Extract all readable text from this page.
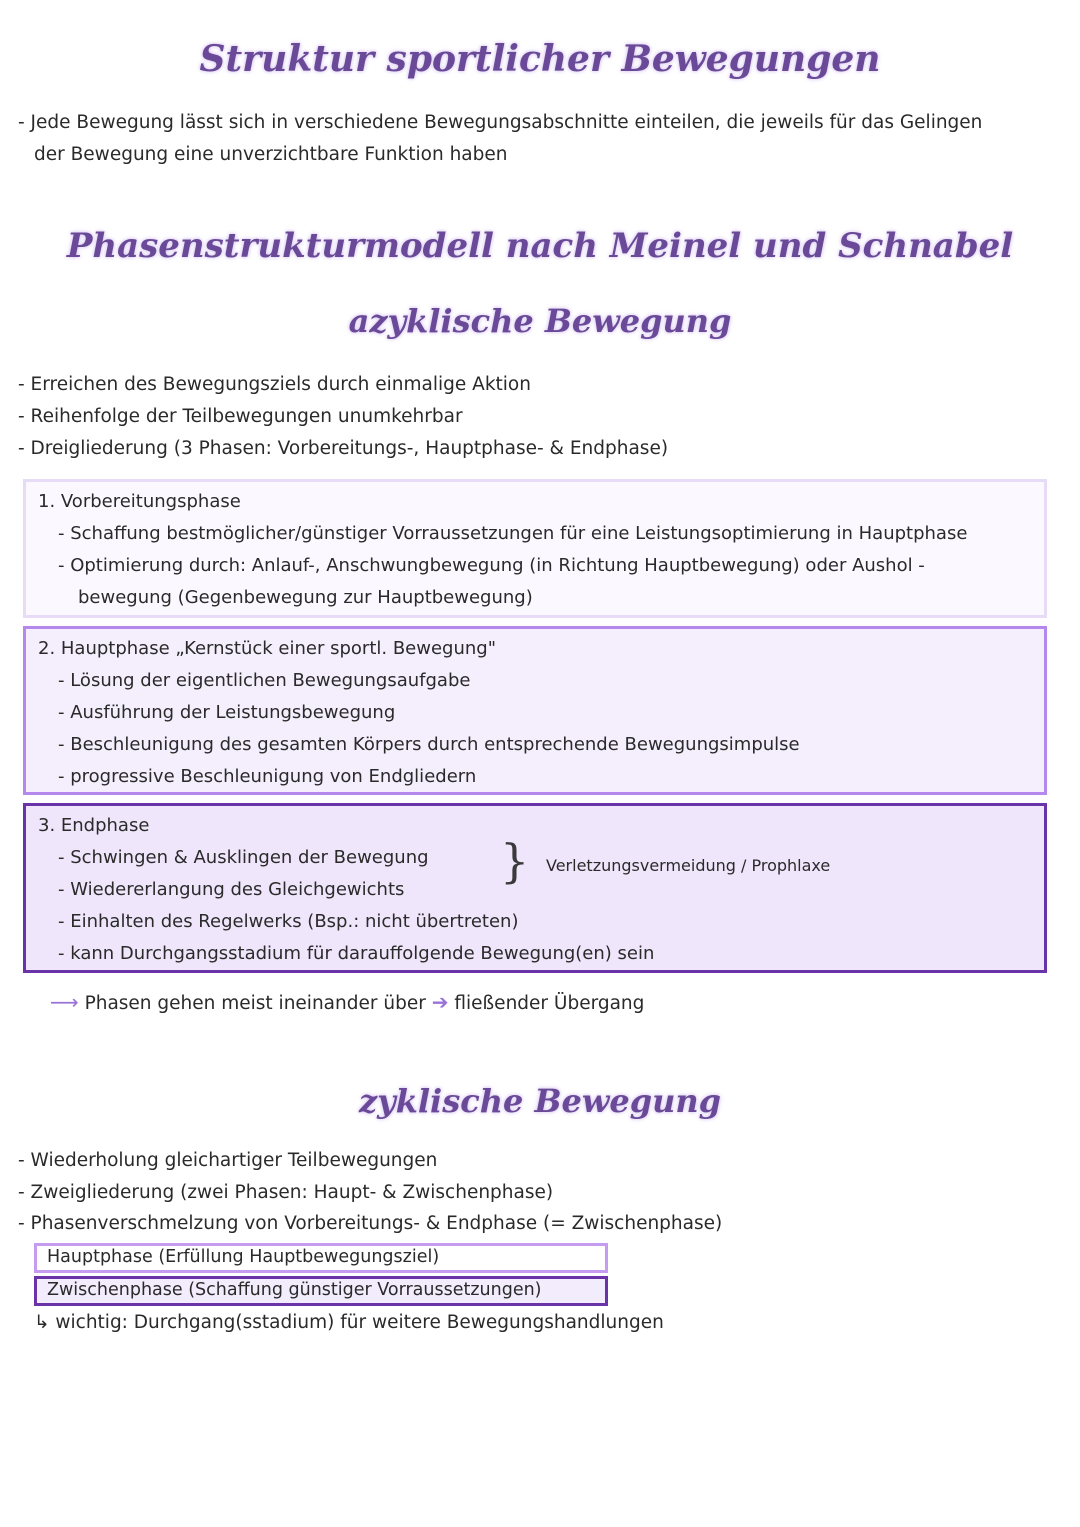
Struktur sportlicher Bewegungen

- Jede Bewegung lässt sich in verschiedene Bewegungsabschnitte einteilen, die jeweils für das Gelingen

der Bewegung eine unverzichtbare Funktion haben

Phasenstrukturmodell nach Meinel und Schnabel
azyklische Bewegung

- Erreichen des Bewegungsziels durch einmalige Aktion

- Reihenfolge der Teilbewegungen unumkehrbar

- Dreigliederung (3 Phasen: Vorbereitungs-, Hauptphase- & Endphase)

1. Vorbereitungsphase
- Schaffung bestmöglicher/günstiger Vorraussetzungen für eine Leistungsoptimierung in Hauptphase
- Optimierung durch: Anlauf-, Anschwungbewegung (in Richtung Hauptbewegung) oder Aushol -
bewegung (Gegenbewegung zur Hauptbewegung)
2. Hauptphase „Kernstück einer sportl. Bewegung"
- Lösung der eigentlichen Bewegungsaufgabe
- Ausführung der Leistungsbewegung
- Beschleunigung des gesamten Körpers durch entsprechende Bewegungsimpulse
- progressive Beschleunigung von Endgliedern
3. Endphase
- Schwingen & Ausklingen der Bewegung
- Wiedererlangung des Gleichgewichts
- Einhalten des Regelwerks (Bsp.: nicht übertreten)
- kann Durchgangsstadium für darauffolgende Bewegung(en) sein
} Verletzungsvermeidung / Prophlaxe

⟶ Phasen gehen meist ineinander über ➔ fließender Übergang

zyklische Bewegung

- Wiederholung gleichartiger Teilbewegungen

- Zweigliederung (zwei Phasen: Haupt- & Zwischenphase)

- Phasenverschmelzung von Vorbereitungs- & Endphase (= Zwischenphase)

Hauptphase (Erfüllung Hauptbewegungsziel)

Zwischenphase (Schaffung günstiger Vorraussetzungen)

↳ wichtig: Durchgang(sstadium) für weitere Bewegungshandlungen
